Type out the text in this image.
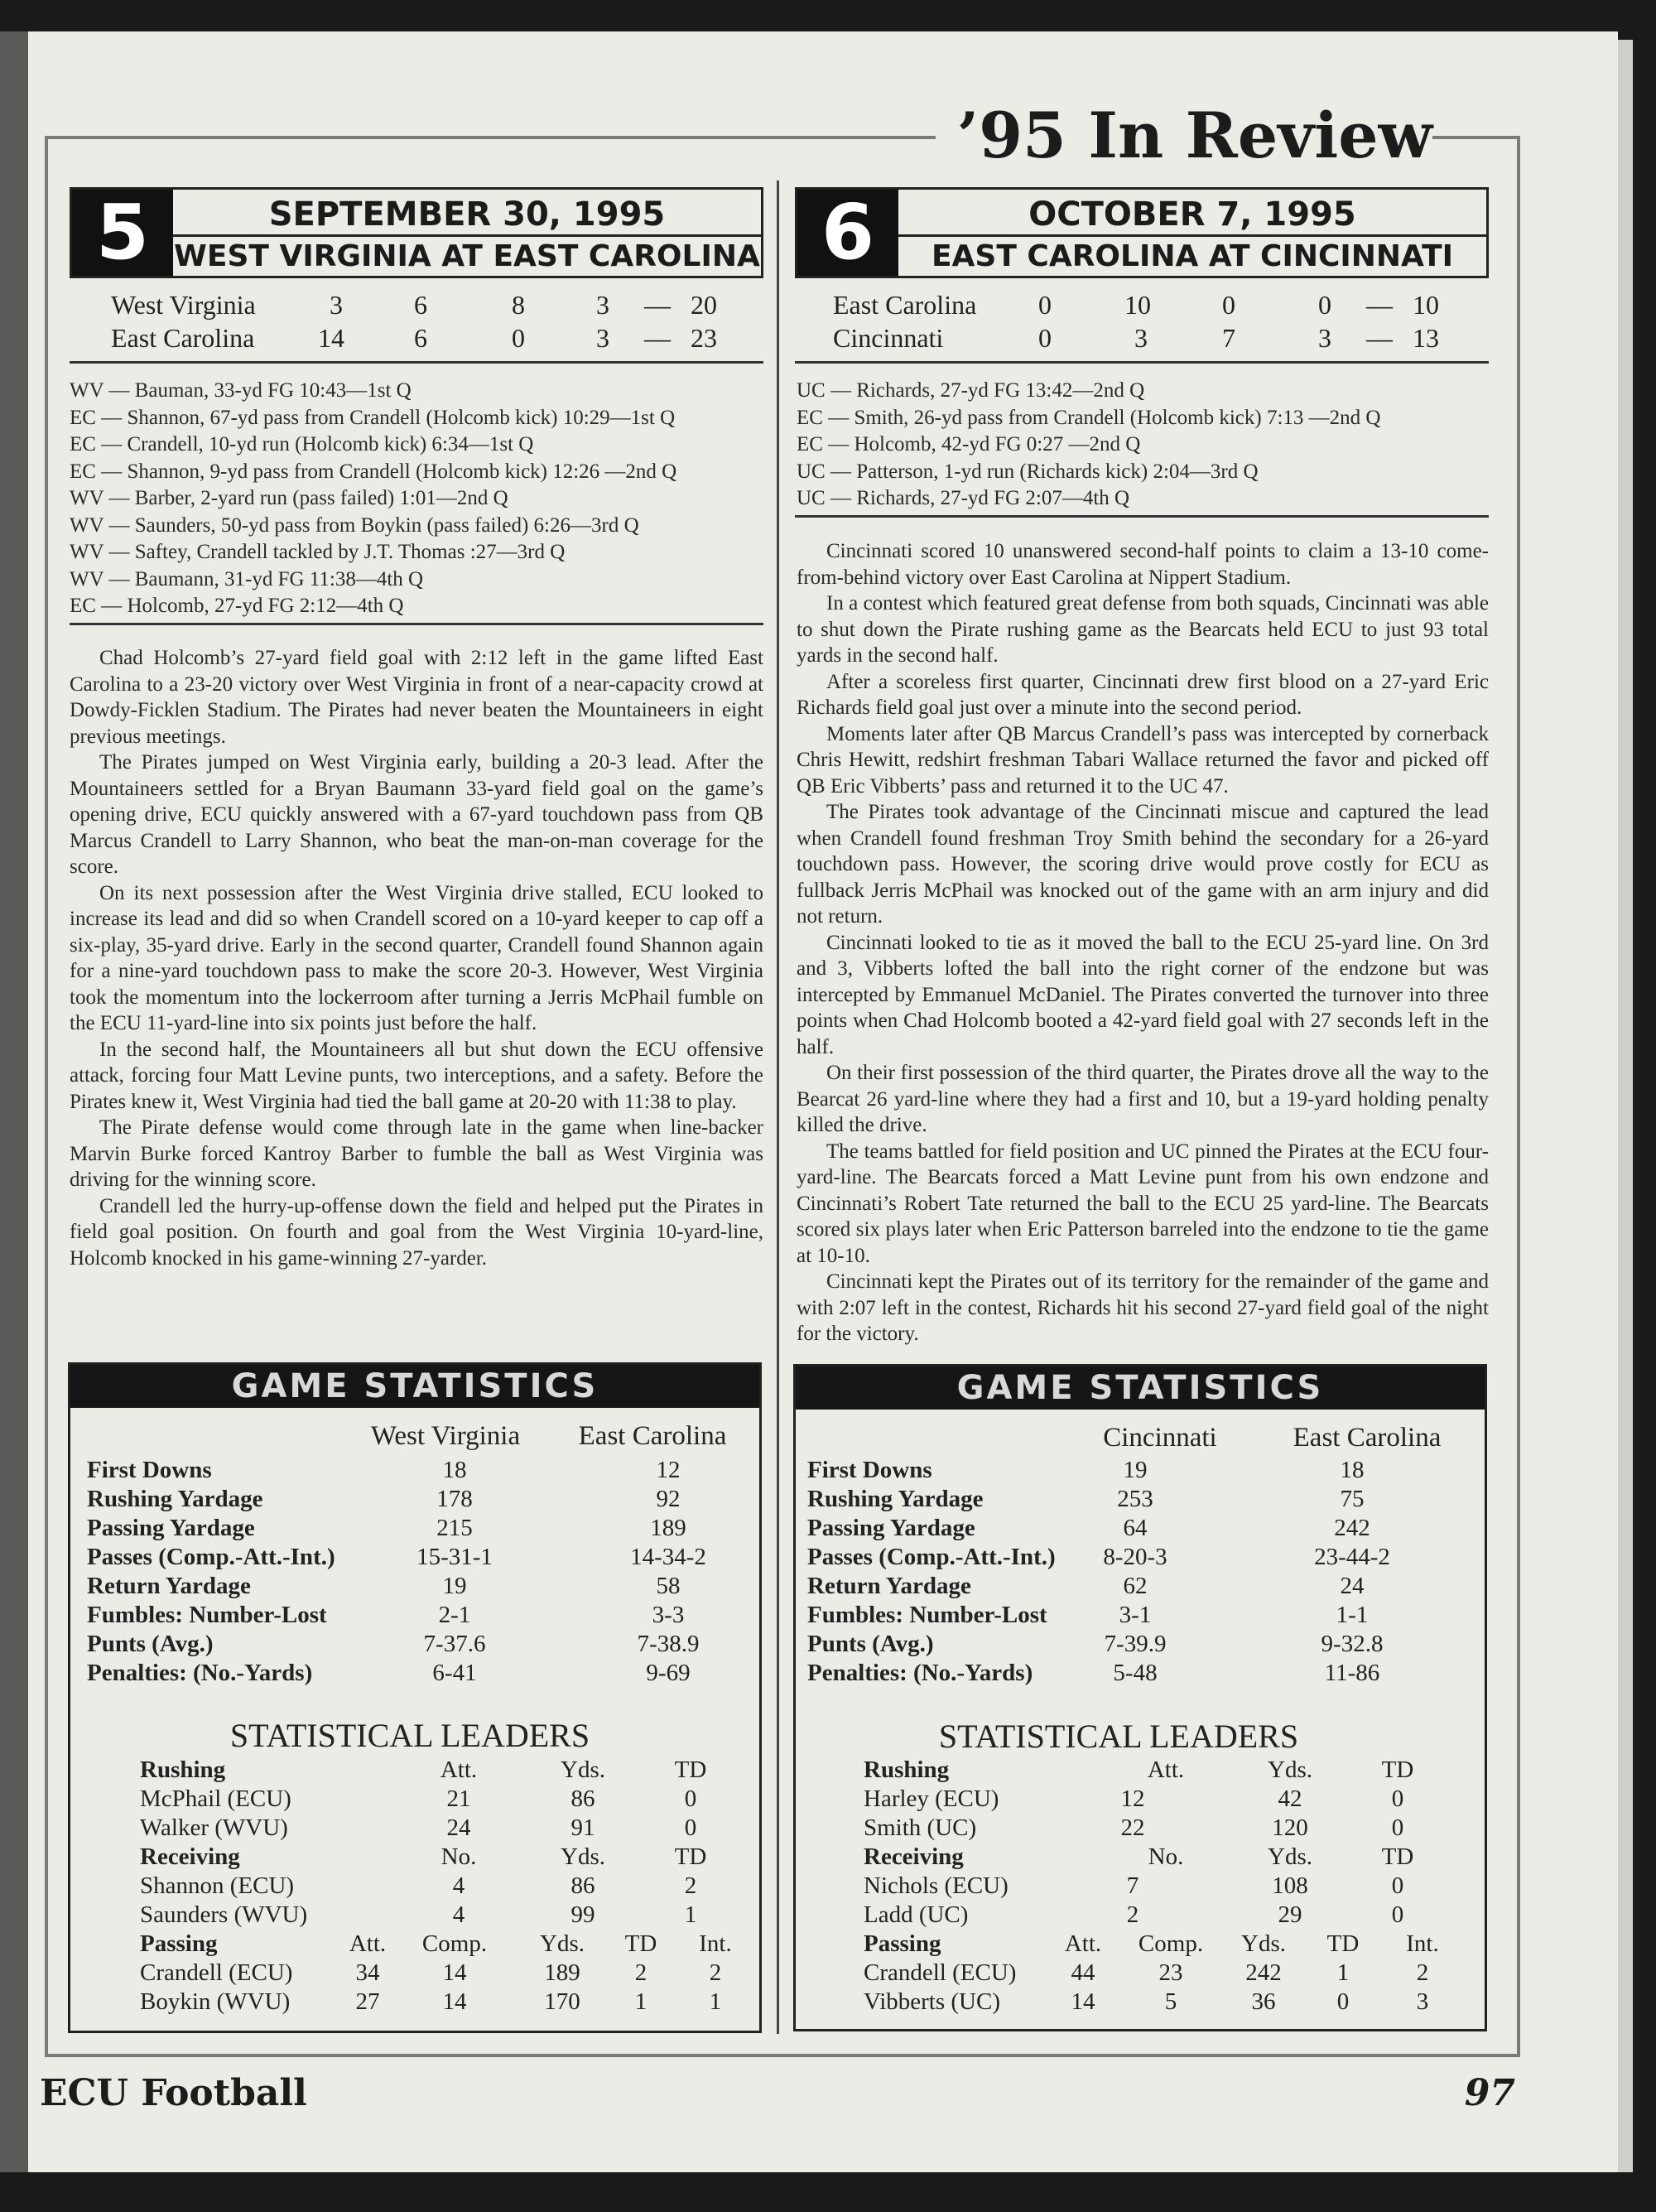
’95 In Review
5	SEPTEMBER 30, 1995
WEST VIRGINIA AT EAST CAROLINA
West Virginia	3	6	8	3 — 20
East Carolina 14	6	0	3 — 23
WV — Bauman, 33-yd FG 10:43—1st Q
EC — Shannon, 67-yd pass from Crandell (Holcomb kick) 10:29—1st Q
EC — Crandell, 10-yd run (Holcomb kick) 6:34—1st Q
EC — Shannon, 9-yd pass from Crandell (Holcomb kick) 12:26 —2nd Q
WV — Barber, 2-yard run (pass failed) 1:01—2nd Q
WV — Saunders, 50-yd pass from Boykin (pass failed) 6:26—3rd Q
WV — Saftey, Crandell tackled by J.T. Thomas :27—3rd Q
WV — Baumann, 31-yd FG 11:38—4th Q
EC — Holcomb, 27-yd FG 2:12—4th Q

Chad Holcomb’s 27-yard field goal with 2:12 left in the game lifted East Carolina to a 23-20 victory over West Virginia in front of a near-capacity crowd at Dowdy-Ficklen Stadium. The Pirates had never beaten the Mountaineers in eight previous meetings.

The Pirates jumped on West Virginia early, building a 20-3 lead. After the Mountaineers settled for a Bryan Baumann 33-yard field goal on the game’s opening drive, ECU quickly answered with a 67-yard touchdown pass from QB Marcus Crandell to Larry Shannon, who beat the man-on-man coverage for the score.

On its next possession after the West Virginia drive stalled, ECU looked to increase its lead and did so when Crandell scored on a 10-yard keeper to cap off a six-play, 35-yard drive. Early in the second quarter, Crandell found Shannon again for a nine-yard touchdown pass to make the score 20-3. However, West Virginia took the momentum into the lockerroom after turning a Jerris McPhail fumble on the ECU 11-yard-line into six points just before the half.

In the second half, the Mountaineers all but shut down the ECU offensive attack, forcing four Matt Levine punts, two interceptions, and a safety. Before the Pirates knew it, West Virginia had tied the ball game at 20-20 with 11:38 to play.

The Pirate defense would come through late in the game when line-backer Marvin Burke forced Kantroy Barber to fumble the ball as West Virginia was driving for the winning score.

Crandell led the hurry-up-offense down the field and helped put the Pirates in field goal position. On fourth and goal from the West Virginia 10-yard-line, Holcomb knocked in his game-winning 27-yarder.

GAME STATISTICS
West Virginia	East Carolina
First Downs	18	12
Rushing Yardage	178	92
Passing Yardage	215	189
Passes (Comp.-Att.-Int.)	15-31-1	14-34-2
Return Yardage	19	58
Fumbles: Number-Lost	2-1	3-3
Punts (Avg.)	7-37.6	7-38.9
Penalties: (No.-Yards)	6-41	9-69
STATISTICAL LEADERS
Rushing	Att.	Yds.	TD
McPhail (ECU)	21	86	0
Walker (WVU)	24	91	0
Receiving	No.	Yds.	TD
Shannon (ECU)	4	86	2
Saunders (WVU)	4	99	1
Passing	Att.	Comp.	Yds.	TD	Int.
Crandell (ECU)	34	14	189	2	2
Boykin (WVU)	27	14	170	1	1
6	OCTOBER 7, 1995
EAST CAROLINA AT CINCINNATI
East Carolina 0	10	0	0 — 10
Cincinnati	0	3	7	3 — 13
UC — Richards, 27-yd FG 13:42—2nd Q
EC — Smith, 26-yd pass from Crandell (Holcomb kick) 7:13 —2nd Q
EC — Holcomb, 42-yd FG 0:27 —2nd Q
UC — Patterson, 1-yd run (Richards kick) 2:04—3rd Q
UC — Richards, 27-yd FG 2:07—4th Q

Cincinnati scored 10 unanswered second-half points to claim a 13-10 come-from-behind victory over East Carolina at Nippert Stadium.

In a contest which featured great defense from both squads, Cincinnati was able to shut down the Pirate rushing game as the Bearcats held ECU to just 93 total yards in the second half.

After a scoreless first quarter, Cincinnati drew first blood on a 27-yard Eric Richards field goal just over a minute into the second period.

Moments later after QB Marcus Crandell’s pass was intercepted by cornerback Chris Hewitt, redshirt freshman Tabari Wallace returned the favor and picked off QB Eric Vibberts’ pass and returned it to the UC 47.

The Pirates took advantage of the Cincinnati miscue and captured the lead when Crandell found freshman Troy Smith behind the secondary for a 26-yard touchdown pass. However, the scoring drive would prove costly for ECU as fullback Jerris McPhail was knocked out of the game with an arm injury and did not return.

Cincinnati looked to tie as it moved the ball to the ECU 25-yard line. On 3rd and 3, Vibberts lofted the ball into the right corner of the endzone but was intercepted by Emmanuel McDaniel. The Pirates converted the turnover into three points when Chad Holcomb booted a 42-yard field goal with 27 seconds left in the half.

On their first possession of the third quarter, the Pirates drove all the way to the Bearcat 26 yard-line where they had a first and 10, but a 19-yard holding penalty killed the drive.

The teams battled for field position and UC pinned the Pirates at the ECU four-yard-line. The Bearcats forced a Matt Levine punt from his own endzone and Cincinnati’s Robert Tate returned the ball to the ECU 25 yard-line. The Bearcats scored six plays later when Eric Patterson barreled into the endzone to tie the game at 10-10.

Cincinnati kept the Pirates out of its territory for the remainder of the game and with 2:07 left in the contest, Richards hit his second 27-yard field goal of the night for the victory.

GAME STATISTICS
Cincinnati	East Carolina
First Downs	19	18
Rushing Yardage	253	75
Passing Yardage	64	242
Passes (Comp.-Att.-Int.)	8-20-3	23-44-2
Return Yardage	62	24
Fumbles: Number-Lost	3-1	1-1
Punts (Avg.)	7-39.9	9-32.8
Penalties: (No.-Yards)	5-48	11-86
STATISTICAL LEADERS
Rushing	Att.	Yds.	TD
Harley (ECU)	12	42	0
Smith (UC)	22	120	0
Receiving	No.	Yds.	TD
Nichols (ECU)	7	108	0
Ladd (UC)	2	29	0
Passing	Att.	Comp.	Yds.	TD	Int.
Crandell (ECU)	44	23	242	1	2
Vibberts (UC)	14	5	36	0	3
ECU Football	97
